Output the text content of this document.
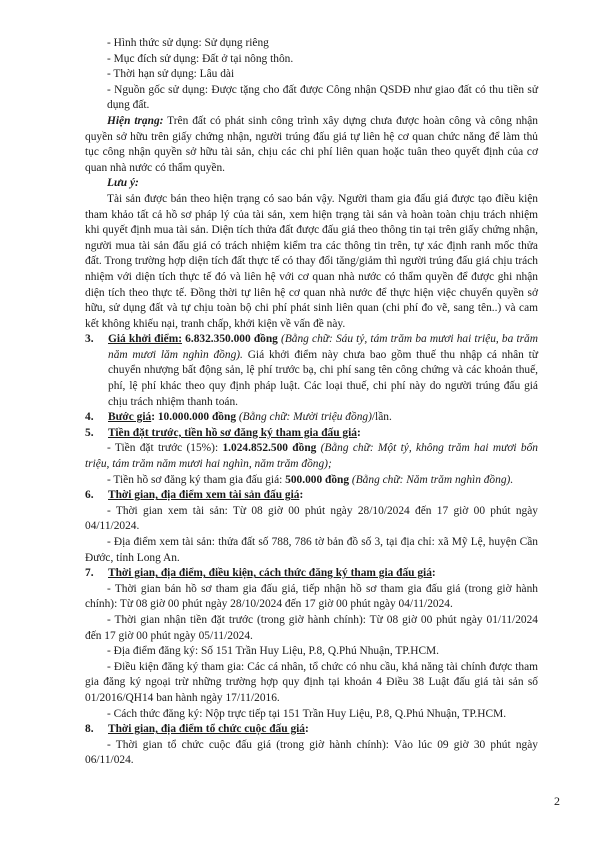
- Hình thức sử dụng: Sử dụng riêng

- Mục đích sử dụng: Đất ở tại nông thôn.

- Thời hạn sử dụng: Lâu dài

- Nguồn gốc sử dụng: Được tặng cho đất được Công nhận QSDĐ như giao đất có thu tiền sử dụng đất.

Hiện trạng: Trên đất có phát sinh công trình xây dựng chưa được hoàn công và công nhận quyền sở hữu trên giấy chứng nhận, người trúng đấu giá tự liên hệ cơ quan chức năng để làm thủ tục công nhận quyền sở hữu tài sản, chịu các chi phí liên quan hoặc tuân theo quyết định của cơ quan nhà nước có thẩm quyền.

Lưu ý:

Tài sản được bán theo hiện trạng có sao bán vậy. Người tham gia đấu giá được tạo điều kiện tham khảo tất cả hồ sơ pháp lý của tài sản, xem hiện trạng tài sản và hoàn toàn chịu trách nhiệm khi quyết định mua tài sản. Diện tích thửa đất được đấu giá theo thông tin tại trên giấy chứng nhận, người mua tài sản đấu giá có trách nhiệm kiểm tra các thông tin trên, tự xác định ranh mốc thửa đất. Trong trường hợp diện tích đất thực tế có thay đổi tăng/giảm thì người trúng đấu giá chịu trách nhiệm với diện tích thực tế đó và liên hệ với cơ quan nhà nước có thẩm quyền để được ghi nhận diện tích theo thực tế. Đồng thời tự liên hệ cơ quan nhà nước để thực hiện việc chuyển quyền sở hữu, sử dụng đất và tự chịu toàn bộ chi phí phát sinh liên quan (chi phí đo vẽ, sang tên..) và cam kết không khiếu nại, tranh chấp, khởi kiện về vấn đề này.

3.	Giá khởi điểm: 6.832.350.000 đồng (Bằng chữ: Sáu tỷ, tám trăm ba mươi hai triệu, ba trăm năm mươi lăm nghìn đồng). Giá khởi điểm này chưa bao gồm thuế thu nhập cá nhân từ chuyển nhượng bất động sản, lệ phí trước bạ, chi phí sang tên công chứng và các khoản thuế, phí, lệ phí khác theo quy định pháp luật. Các loại thuế, chi phí này do người trúng đấu giá chịu trách nhiệm thanh toán.

4.	Bước giá: 10.000.000 đồng (Bằng chữ: Mười triệu đồng)/lần.

5.	Tiền đặt trước, tiền hồ sơ đăng ký tham gia đấu giá:

- Tiền đặt trước (15%): 1.024.852.500 đồng (Bằng chữ: Một tỷ, không trăm hai mươi bốn triệu, tám trăm năm mươi hai nghìn, năm trăm đồng);

- Tiền hồ sơ đăng ký tham gia đấu giá: 500.000 đồng (Bằng chữ: Năm trăm nghìn đồng).

6.	Thời gian, địa điểm xem tài sản đấu giá:

- Thời gian xem tài sản: Từ 08 giờ 00 phút ngày 28/10/2024 đến 17 giờ 00 phút ngày 04/11/2024.

- Địa điểm xem tài sản: thửa đất số 788, 786 tờ bản đồ số 3, tại địa chỉ: xã Mỹ Lệ, huyện Cần Đước, tỉnh Long An.

7.	Thời gian, địa điểm, điều kiện, cách thức đăng ký tham gia đấu giá:

- Thời gian bán hồ sơ tham gia đấu giá, tiếp nhận hồ sơ tham gia đấu giá (trong giờ hành chính): Từ 08 giờ 00 phút ngày 28/10/2024 đến 17 giờ 00 phút ngày 04/11/2024.

- Thời gian nhận tiền đặt trước (trong giờ hành chính): Từ 08 giờ 00 phút ngày 01/11/2024 đến 17 giờ 00 phút ngày 05/11/2024.

- Địa điểm đăng ký: Số 151 Trần Huy Liệu, P.8, Q.Phú Nhuận, TP.HCM.

- Điều kiện đăng ký tham gia: Các cá nhân, tổ chức có nhu cầu, khả năng tài chính được tham gia đăng ký ngoại trừ những trường hợp quy định tại khoản 4 Điều 38 Luật đấu giá tài sản số 01/2016/QH14 ban hành ngày 17/11/2016.

- Cách thức đăng ký: Nộp trực tiếp tại 151 Trần Huy Liệu, P.8, Q.Phú Nhuận, TP.HCM.

8.	Thời gian, địa điểm tổ chức cuộc đấu giá:

- Thời gian tổ chức cuộc đấu giá (trong giờ hành chính): Vào lúc 09 giờ 30 phút ngày 06/11/024.

2
